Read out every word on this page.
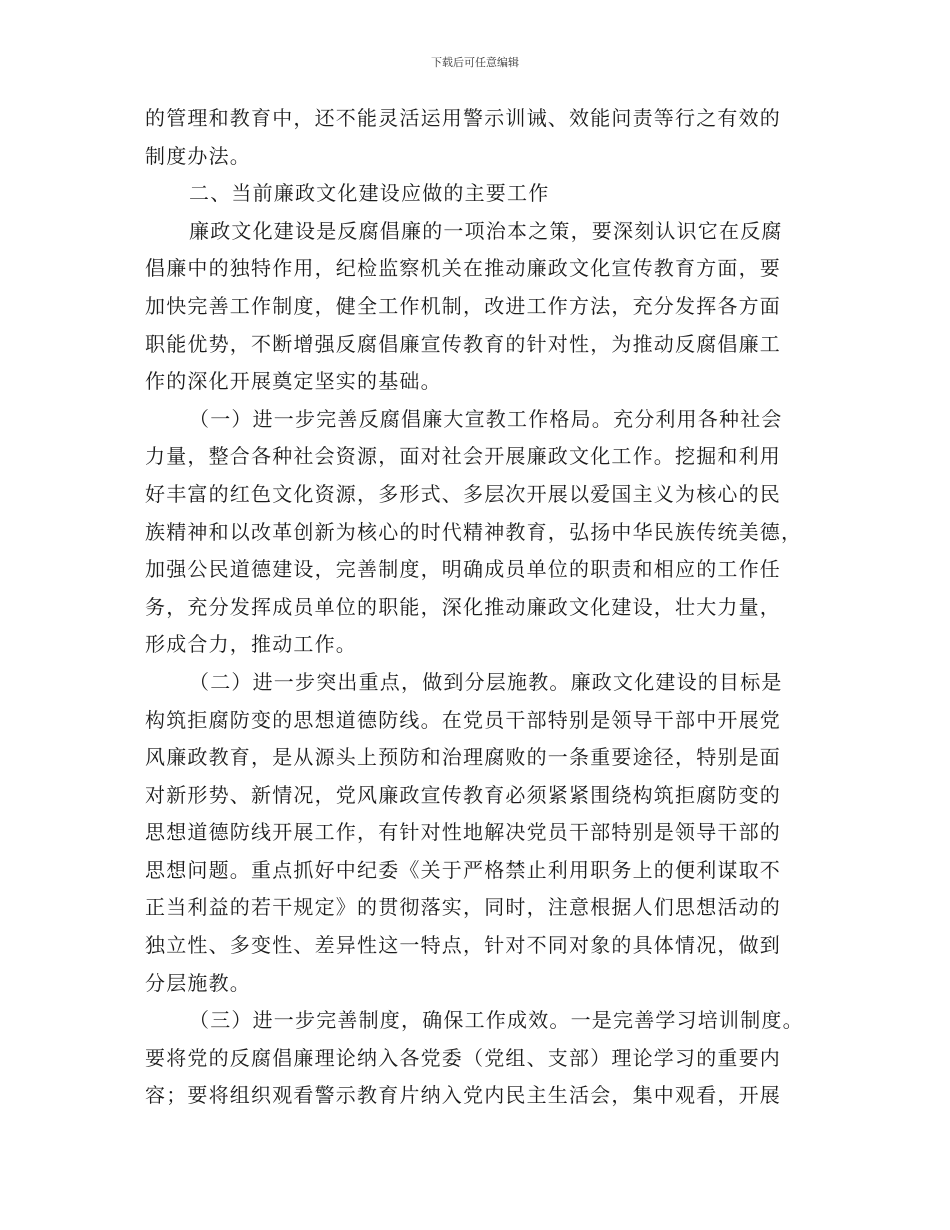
下载后可任意编辑
的管理和教育中，还不能灵活运用警示训诫、效能问责等行之有效的
制度办法。
二、当前廉政文化建设应做的主要工作
廉政文化建设是反腐倡廉的一项治本之策，要深刻认识它在反腐
倡廉中的独特作用，纪检监察机关在推动廉政文化宣传教育方面，要
加快完善工作制度，健全工作机制，改进工作方法，充分发挥各方面
职能优势，不断增强反腐倡廉宣传教育的针对性，为推动反腐倡廉工
作的深化开展奠定坚实的基础。
（一）进一步完善反腐倡廉大宣教工作格局。充分利用各种社会
力量，整合各种社会资源，面对社会开展廉政文化工作。挖掘和利用
好丰富的红色文化资源，多形式、多层次开展以爱国主义为核心的民
族精神和以改革创新为核心的时代精神教育，弘扬中华民族传统美德，
加强公民道德建设，完善制度，明确成员单位的职责和相应的工作任
务，充分发挥成员单位的职能，深化推动廉政文化建设，壮大力量，
形成合力，推动工作。
（二）进一步突出重点，做到分层施教。廉政文化建设的目标是
构筑拒腐防变的思想道德防线。在党员干部特别是领导干部中开展党
风廉政教育，是从源头上预防和治理腐败的一条重要途径，特别是面
对新形势、新情况，党风廉政宣传教育必须紧紧围绕构筑拒腐防变的
思想道德防线开展工作，有针对性地解决党员干部特别是领导干部的
思想问题。重点抓好中纪委《关于严格禁止利用职务上的便利谋取不
正当利益的若干规定》的贯彻落实，同时，注意根据人们思想活动的
独立性、多变性、差异性这一特点，针对不同对象的具体情况，做到
分层施教。
（三）进一步完善制度，确保工作成效。一是完善学习培训制度。
要将党的反腐倡廉理论纳入各党委（党组、支部）理论学习的重要内
容；要将组织观看警示教育片纳入党内民主生活会，集中观看，开展
